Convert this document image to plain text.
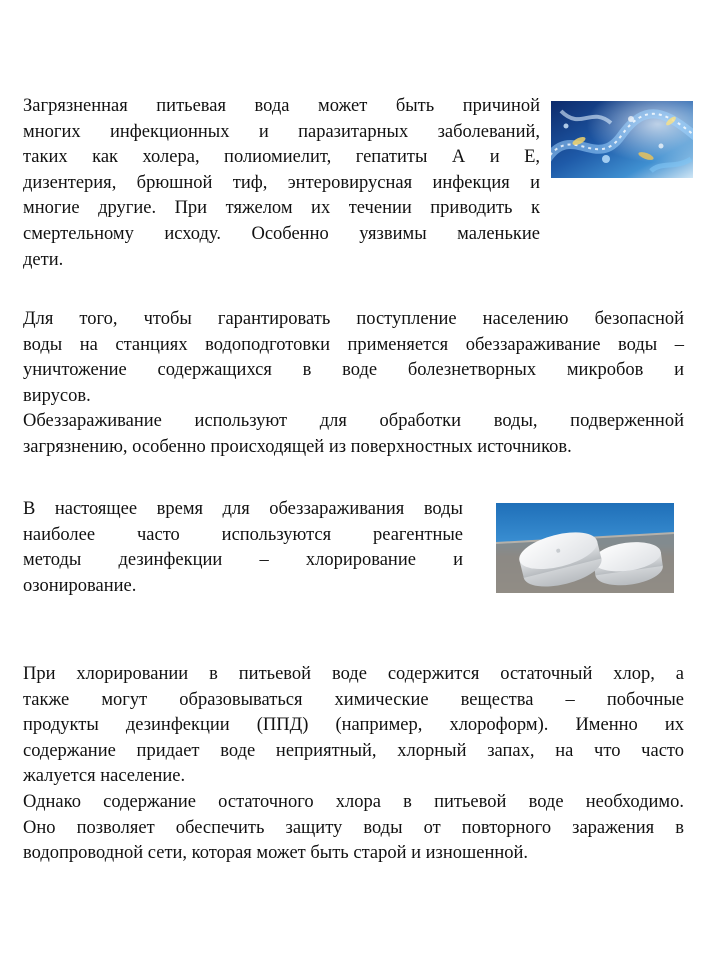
Загрязненная питьевая вода может быть причиной
многих инфекционных и паразитарных заболеваний,
таких как холера, полиомиелит, гепатиты А и Е,
дизентерия, брюшной тиф, энтеровирусная инфекция и
многие другие. При тяжелом их течении приводить к
смертельному исходу. Особенно уязвимы маленькие
дети.
Для того, чтобы гарантировать поступление населению безопасной
воды на станциях водоподготовки применяется обеззараживание воды –
уничтожение содержащихся в воде болезнетворных микробов и
вирусов.
Обеззараживание используют для обработки воды, подверженной
загрязнению, особенно происходящей из поверхностных источников.
В настоящее время для обеззараживания воды
наиболее часто используются реагентные
методы дезинфекции – хлорирование и
озонирование.
При хлорировании в питьевой воде содержится остаточный хлор, а
также могут образовываться химические вещества – побочные
продукты дезинфекции (ППД) (например, хлороформ). Именно их
содержание придает воде неприятный, хлорный запах, на что часто
жалуется население.
Однако содержание остаточного хлора в питьевой воде необходимо.
Оно позволяет обеспечить защиту воды от повторного заражения в
водопроводной сети, которая может быть старой и изношенной.
